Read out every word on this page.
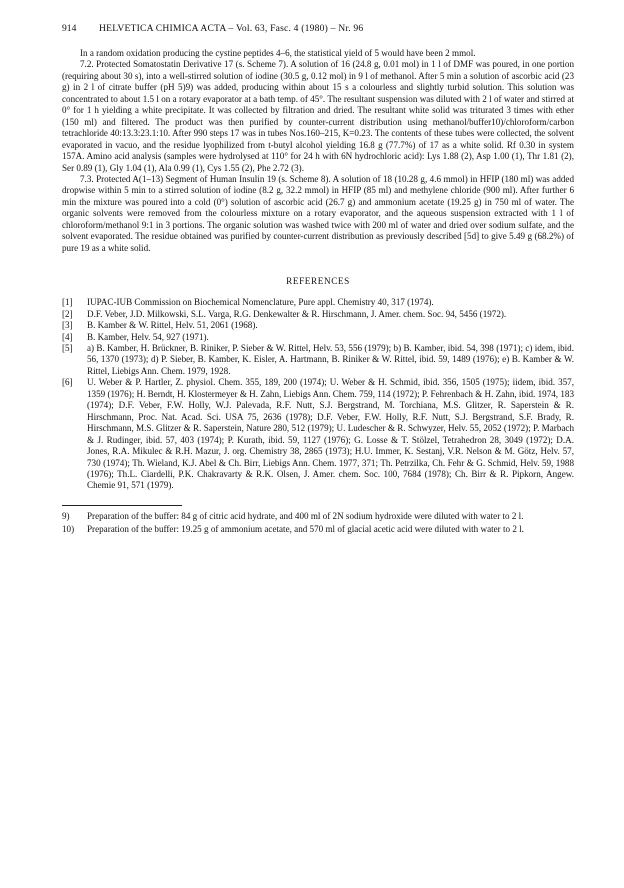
914 HELVETICA CHIMICA ACTA – Vol. 63, Fasc. 4 (1980) – Nr. 96

In a random oxidation producing the cystine peptides 4–6, the statistical yield of 5 would have been 2 mmol.

7.2. Protected Somatostatin Derivative 17 (s. Scheme 7). A solution of 16 (24.8 g, 0.01 mol) in 1 l of DMF was poured, in one portion (requiring about 30 s), into a well-stirred solution of iodine (30.5 g, 0.12 mol) in 9 l of methanol. After 5 min a solution of ascorbic acid (23 g) in 2 l of citrate buffer (pH 5)9) was added, producing within about 15 s a colourless and slightly turbid solution. This solution was concentrated to about 1.5 l on a rotary evaporator at a bath temp. of 45°. The resultant suspension was diluted with 2 l of water and stirred at 0° for 1 h yielding a white precipitate. It was collected by filtration and dried. The resultant white solid was triturated 3 times with ether (150 ml) and filtered. The product was then purified by counter-current distribution using methanol/buffer10)/chloroform/carbon tetrachloride 40:13.3:23.1:10. After 990 steps 17 was in tubes Nos.160–215, K=0.23. The contents of these tubes were collected, the solvent evaporated in vacuo, and the residue lyophilized from t-butyl alcohol yielding 16.8 g (77.7%) of 17 as a white solid. Rf 0.30 in system 157A. Amino acid analysis (samples were hydrolysed at 110° for 24 h with 6N hydrochloric acid): Lys 1.88 (2), Asp 1.00 (1), Thr 1.81 (2), Ser 0.89 (1), Gly 1.04 (1), Ala 0.99 (1), Cys 1.55 (2), Phe 2.72 (3).

7.3. Protected A(1–13) Segment of Human Insulin 19 (s. Scheme 8). A solution of 18 (10.28 g, 4.6 mmol) in HFIP (180 ml) was added dropwise within 5 min to a stirred solution of iodine (8.2 g, 32.2 mmol) in HFIP (85 ml) and methylene chloride (900 ml). After further 6 min the mixture was poured into a cold (0°) solution of ascorbic acid (26.7 g) and ammonium acetate (19.25 g) in 750 ml of water. The organic solvents were removed from the colourless mixture on a rotary evaporator, and the aqueous suspension extracted with 1 l of chloroform/methanol 9:1 in 3 portions. The organic solution was washed twice with 200 ml of water and dried over sodium sulfate, and the solvent evaporated. The residue obtained was purified by counter-current distribution as previously described [5d] to give 5.49 g (68.2%) of pure 19 as a white solid.

REFERENCES
[1] IUPAC-IUB Commission on Biochemical Nomenclature, Pure appl. Chemistry 40, 317 (1974).
[2] D.F. Veber, J.D. Milkowski, S.L. Varga, R.G. Denkewalter & R. Hirschmann, J. Amer. chem. Soc. 94, 5456 (1972).
[3] B. Kamber & W. Rittel, Helv. 51, 2061 (1968).
[4] B. Kamber, Helv. 54, 927 (1971).
[5] a) B. Kamber, H. Brückner, B. Riniker, P. Sieber & W. Rittel, Helv. 53, 556 (1979); b) B. Kamber, ibid. 54, 398 (1971); c) idem, ibid. 56, 1370 (1973); d) P. Sieber, B. Kamber, K. Eisler, A. Hartmann, B. Riniker & W. Rittel, ibid. 59, 1489 (1976); e) B. Kamber & W. Rittel, Liebigs Ann. Chem. 1979, 1928.
[6] U. Weber & P. Hartler, Z. physiol. Chem. 355, 189, 200 (1974); U. Weber & H. Schmid, ibid. 356, 1505 (1975); iidem, ibid. 357, 1359 (1976); H. Berndt, H. Klostermeyer & H. Zahn, Liebigs Ann. Chem. 759, 114 (1972); P. Fehrenbach & H. Zahn, ibid. 1974, 183 (1974); D.F. Veber, F.W. Holly, W.J. Palevada, R.F. Nutt, S.J. Bergstrand, M. Torchiana, M.S. Glitzer, R. Saperstein & R. Hirschmann, Proc. Nat. Acad. Sci. USA 75, 2636 (1978); D.F. Veber, F.W. Holly, R.F. Nutt, S.J. Bergstrand, S.F. Brady, R. Hirschmann, M.S. Glitzer & R. Saperstein, Nature 280, 512 (1979); U. Ludescher & R. Schwyzer, Helv. 55, 2052 (1972); P. Marbach & J. Rudinger, ibid. 57, 403 (1974); P. Kurath, ibid. 59, 1127 (1976); G. Losse & T. Stölzel, Tetrahedron 28, 3049 (1972); D.A. Jones, R.A. Mikulec & R.H. Mazur, J. org. Chemistry 38, 2865 (1973); H.U. Immer, K. Sestanj, V.R. Nelson & M. Götz, Helv. 57, 730 (1974); Th. Wieland, K.J. Abel & Ch. Birr, Liebigs Ann. Chem. 1977, 371; Th. Petrzilka, Ch. Fehr & G. Schmid, Helv. 59, 1988 (1976); Th.L. Ciardelli, P.K. Chakravarty & R.K. Olsen, J. Amer. chem. Soc. 100, 7684 (1978); Ch. Birr & R. Pipkorn, Angew. Chemie 91, 571 (1979).
9) Preparation of the buffer: 84 g of citric acid hydrate, and 400 ml of 2N sodium hydroxide were diluted with water to 2 l.
10) Preparation of the buffer: 19.25 g of ammonium acetate, and 570 ml of glacial acetic acid were diluted with water to 2 l.
